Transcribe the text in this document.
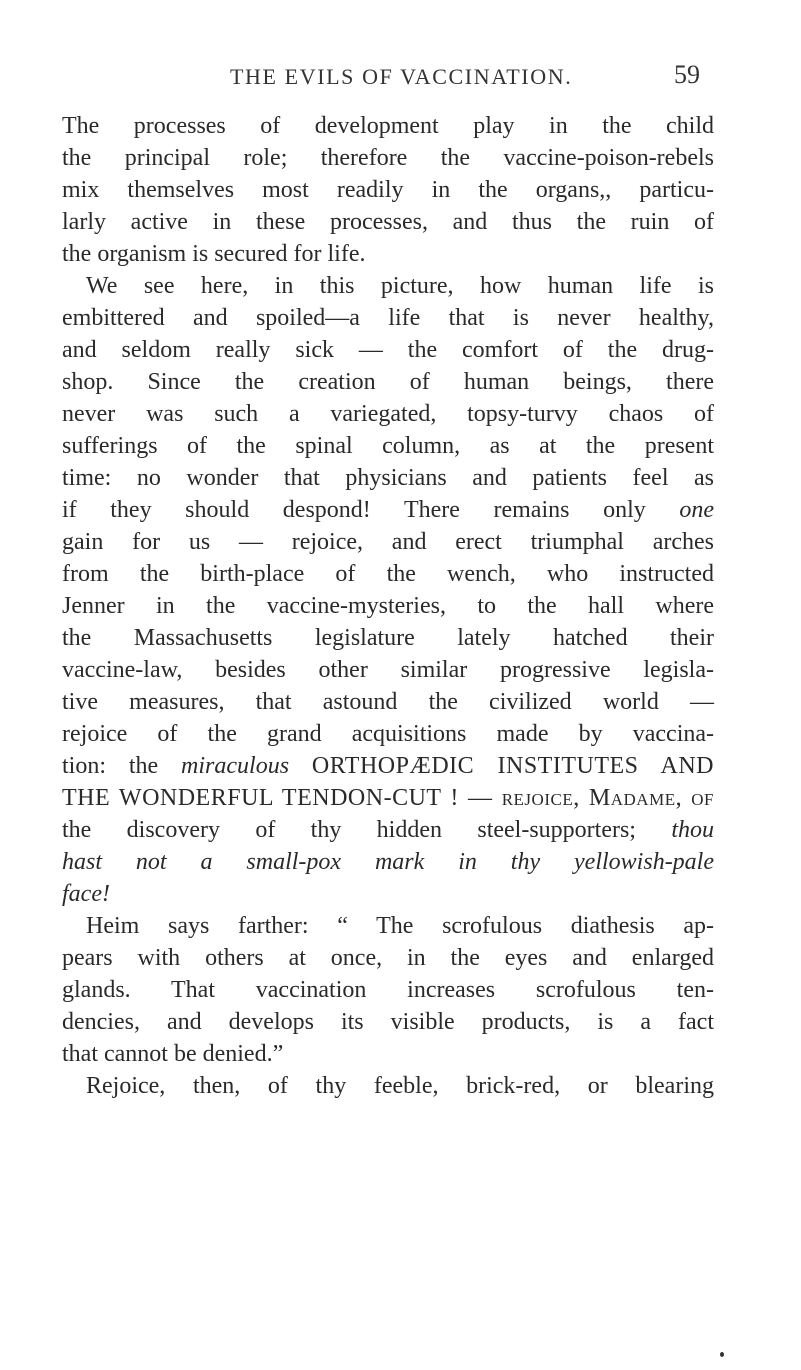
THE EVILS OF VACCINATION.	59
The processes of development play in the child
the principal role; therefore the vaccine-poison-rebels
mix themselves most readily in the organs,, particu-
larly active in these processes, and thus the ruin of
the organism is secured for life.
We see here, in this picture, how human life is
embittered and spoiled—a life that is never healthy,
and seldom really sick — the comfort of the drug-
shop. Since the creation of human beings, there
never was such a variegated, topsy-turvy chaos of
sufferings of the spinal column, as at the present
time: no wonder that physicians and patients feel as
if they should despond! There remains only one
gain for us — rejoice, and erect triumphal arches
from the birth-place of the wench, who instructed
Jenner in the vaccine-mysteries, to the hall where
the Massachusetts legislature lately hatched their
vaccine-law, besides other similar progressive legisla-
tive measures, that astound the civilized world —
rejoice of the grand acquisitions made by vaccina-
tion: the miraculous ORTHOPÆDIC INSTITUTES AND
THE WONDERFUL TENDON-CUT ! — rejoice, Madame, of
the discovery of thy hidden steel-supporters; thou
hast not a small-pox mark in thy yellowish-pale
face!
Heim says farther: “ The scrofulous diathesis ap-
pears with others at once, in the eyes and enlarged
glands. That vaccination increases scrofulous ten-
dencies, and develops its visible products, is a fact
that cannot be denied.”
Rejoice, then, of thy feeble, brick-red, or blearing
